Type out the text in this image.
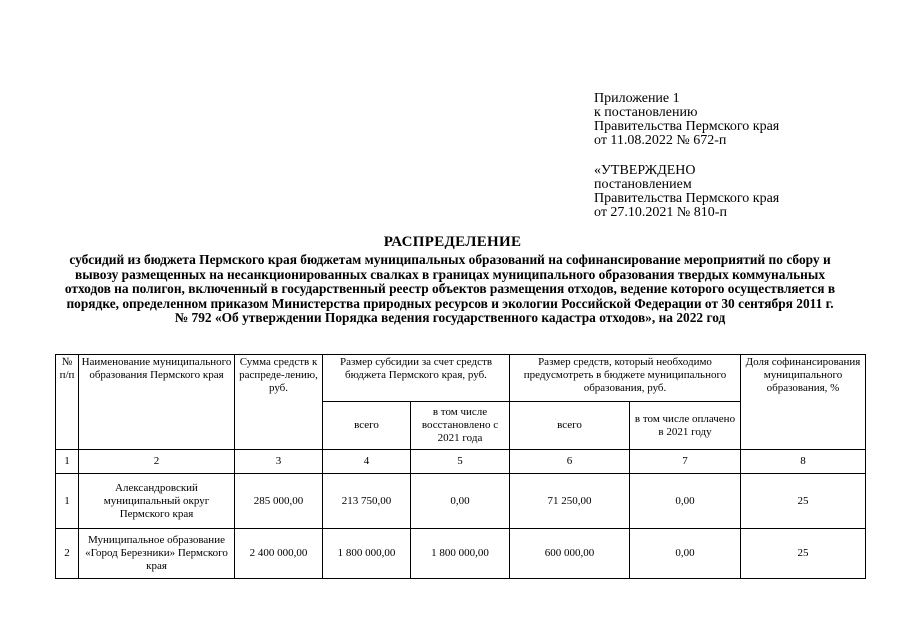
Приложение 1
к постановлению
Правительства Пермского края
от 11.08.2022 № 672-п
«УТВЕРЖДЕНО
постановлением
Правительства Пермского края
от 27.10.2021 № 810-п
РАСПРЕДЕЛЕНИЕ
субсидий из бюджета Пермского края бюджетам муниципальных образований на софинансирование мероприятий по сбору и вывозу размещенных на несанкционированных свалках в границах муниципального образования твердых коммунальных отходов на полигон, включенный в государственный реестр объектов размещения отходов, ведение которого осуществляется в порядке, определенном приказом Министерства природных ресурсов и экологии Российской Федерации от 30 сентября 2011 г. № 792 «Об утверждении Порядка ведения государственного кадастра отходов», на 2022 год
№ п/п	Наименование муниципального образования Пермского края	Сумма средств к распреде-лению, руб.	Размер субсидии за счет средств бюджета Пермского края, руб.		Размер средств, который необходимо предусмотреть в бюджете муниципального образования, руб.		Доля софинансирования муниципального образования, %
			всего	в том числе восстановлено с 2021 года	всего	в том числе оплачено в 2021 году	
1	2	3	4	5	6	7	8
1	Александровский муниципальный округ Пермского края	285 000,00	213 750,00	0,00	71 250,00	0,00	25
2	Муниципальное образование «Город Березники» Пермского края	2 400 000,00	1 800 000,00	1 800 000,00	600 000,00	0,00	25
